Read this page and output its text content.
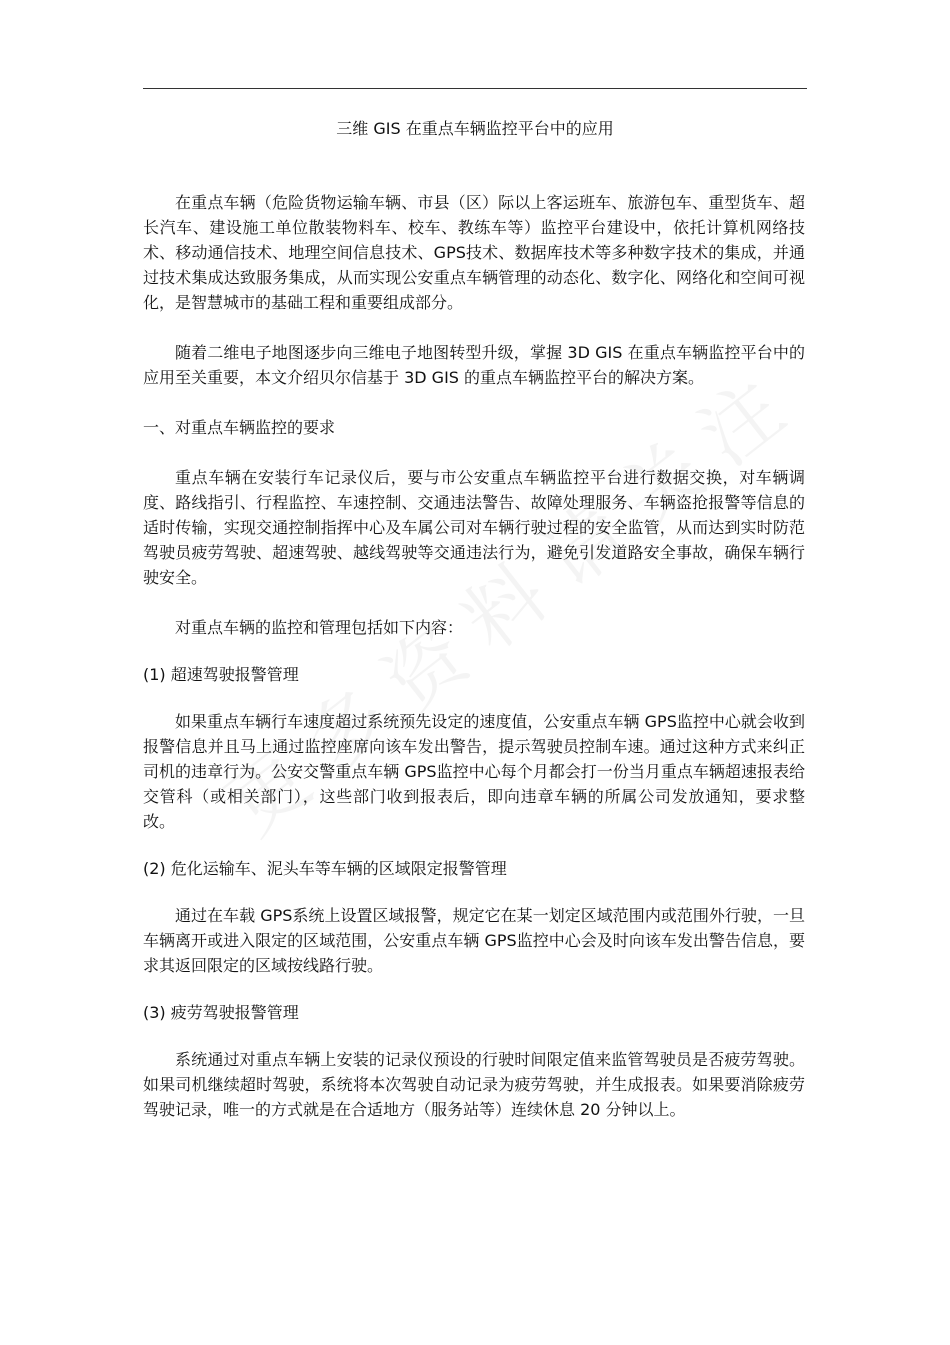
三维 GIS 在重点车辆监控平台中的应用

在重点车辆（危险货物运输车辆、市县（区）际以上客运班车、旅游包车、重型货车、超长汽车、建设施工单位散装物料车、校车、教练车等）监控平台建设中，依托计算机网络技术、移动通信技术、地理空间信息技术、GPS技术、数据库技术等多种数字技术的集成，并通过技术集成达致服务集成，从而实现公安重点车辆管理的动态化、数字化、网络化和空间可视化，是智慧城市的基础工程和重要组成部分。

随着二维电子地图逐步向三维电子地图转型升级，掌握 3D GIS 在重点车辆监控平台中的应用至关重要，本文介绍贝尔信基于 3D GIS 的重点车辆监控平台的解决方案。

一、对重点车辆监控的要求

重点车辆在安装行车记录仪后，要与市公安重点车辆监控平台进行数据交换，对车辆调度、路线指引、行程监控、车速控制、交通违法警告、故障处理服务、车辆盗抢报警等信息的适时传输，实现交通控制指挥中心及车属公司对车辆行驶过程的安全监管，从而达到实时防范驾驶员疲劳驾驶、超速驾驶、越线驾驶等交通违法行为，避免引发道路安全事故，确保车辆行驶安全。

对重点车辆的监控和管理包括如下内容：

(1) 超速驾驶报警管理

如果重点车辆行车速度超过系统预先设定的速度值，公安重点车辆 GPS监控中心就会收到报警信息并且马上通过监控座席向该车发出警告，提示驾驶员控制车速。通过这种方式来纠正司机的违章行为。公安交警重点车辆 GPS监控中心每个月都会打一份当月重点车辆超速报表给交管科（或相关部门），这些部门收到报表后，即向违章车辆的所属公司发放通知，要求整改。

(2) 危化运输车、泥头车等车辆的区域限定报警管理

通过在车载 GPS系统上设置区域报警，规定它在某一划定区域范围内或范围外行驶，一旦车辆离开或进入限定的区域范围，公安重点车辆 GPS监控中心会及时向该车发出警告信息，要求其返回限定的区域按线路行驶。

(3) 疲劳驾驶报警管理

系统通过对重点车辆上安装的记录仪预设的行驶时间限定值来监管驾驶员是否疲劳驾驶。如果司机继续超时驾驶，系统将本次驾驶自动记录为疲劳驾驶，并生成报表。如果要消除疲劳驾驶记录，唯一的方式就是在合适地方（服务站等）连续休息 20 分钟以上。
